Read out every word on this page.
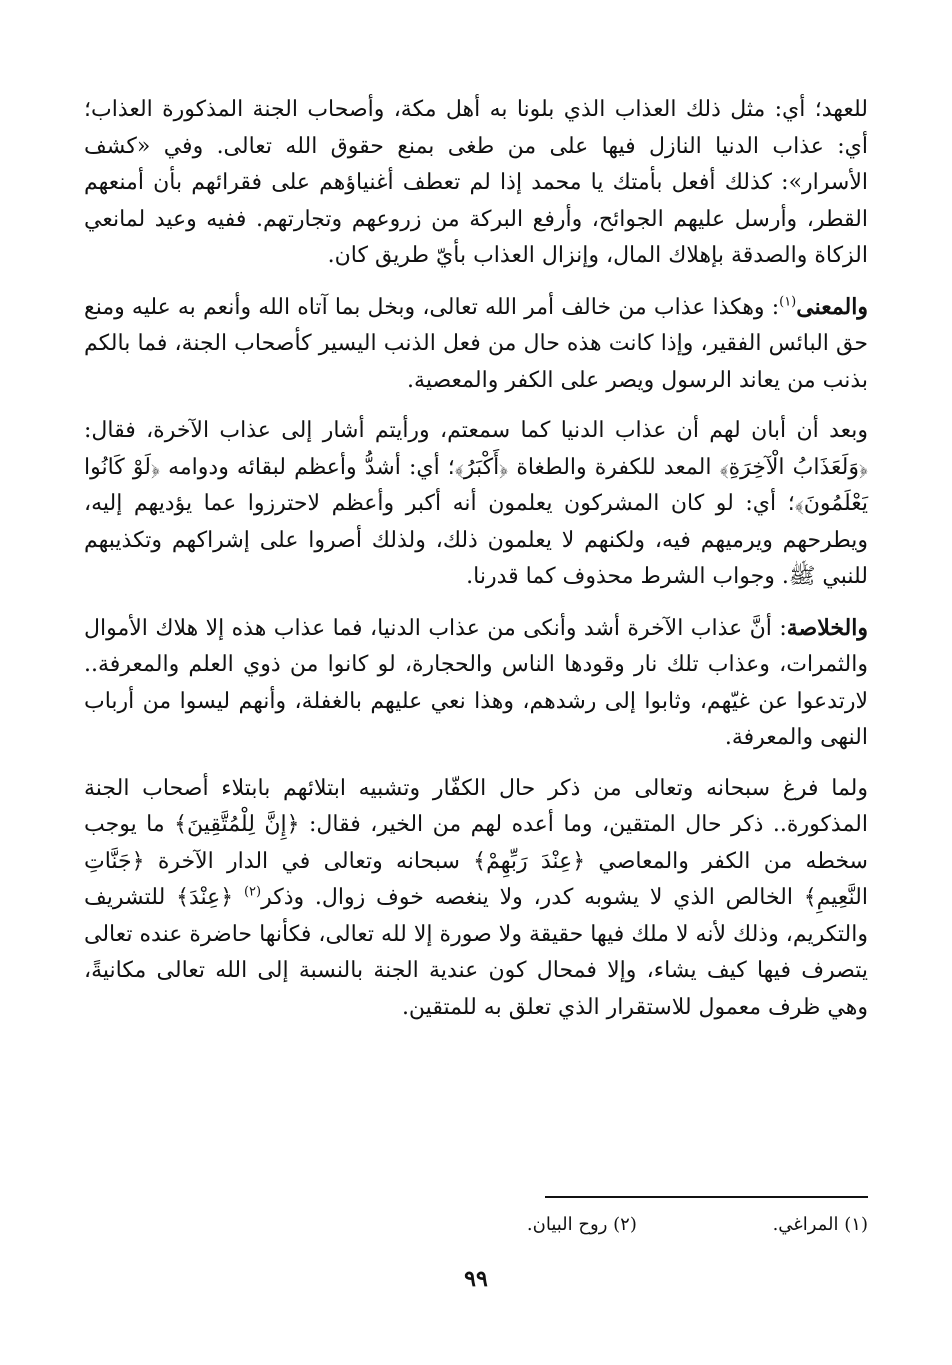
للعهد؛ أي: مثل ذلك العذاب الذي بلونا به أهل مكة، وأصحاب الجنة المذكورة العذاب؛ أي: عذاب الدنيا النازل فيها على من طغى بمنع حقوق الله تعالى. وفي «كشف الأسرار»: كذلك أفعل بأمتك يا محمد إذا لم تعطف أغنياؤهم على فقرائهم بأن أمنعهم القطر، وأرسل عليهم الجوائح، وأرفع البركة من زروعهم وتجارتهم. ففيه وعيد لمانعي الزكاة والصدقة بإهلاك المال، وإنزال العذاب بأيّ طريق كان.

والمعنى$^{(١)}$: وهكذا عذاب من خالف أمر الله تعالى، وبخل بما آتاه الله وأنعم به عليه ومنع حق البائس الفقير، وإذا كانت هذه حال من فعل الذنب اليسير كأصحاب الجنة، فما بالكم بذنب من يعاند الرسول ويصر على الكفر والمعصية.

وبعد أن أبان لهم أن عذاب الدنيا كما سمعتم، ورأيتم أشار إلى عذاب الآخرة، فقال: ﴿وَلَعَذَابُ الْآخِرَةِ﴾ المعد للكفرة والطغاة ﴿أَكْبَرُ﴾؛ أي: أشدُّ وأعظم لبقائه ودوامه ﴿لَوْ كَانُوا يَعْلَمُونَ﴾؛ أي: لو كان المشركون يعلمون أنه أكبر وأعظم لاحترزوا عما يؤديهم إليه، ويطرحهم ويرميهم فيه، ولكنهم لا يعلمون ذلك، ولذلك أصروا على إشراكهم وتكذيبهم للنبي ﷺ. وجواب الشرط محذوف كما قدرنا.

والخلاصة: أنَّ عذاب الآخرة أشد وأنكى من عذاب الدنيا، فما عذاب هذه إلا هلاك الأموال والثمرات، وعذاب تلك نار وقودها الناس والحجارة، لو كانوا من ذوي العلم والمعرفة.. لارتدعوا عن غيّهم، وثابوا إلى رشدهم، وهذا نعي عليهم بالغفلة، وأنهم ليسوا من أرباب النهى والمعرفة.

ولما فرغ سبحانه وتعالى من ذكر حال الكفّار وتشبيه ابتلائهم بابتلاء أصحاب الجنة المذكورة.. ذكر حال المتقين، وما أعده لهم من الخير، فقال: ﴿إِنَّ لِلْمُتَّقِينَ﴾ ما يوجب سخطه من الكفر والمعاصي ﴿عِنْدَ رَبِّهِمْ﴾ سبحانه وتعالى في الدار الآخرة ﴿جَنَّاتِ النَّعِيمِ﴾ الخالص الذي لا يشوبه كدر، ولا ينغصه خوف زوال. وذكر$^{(٢)}$ ﴿عِنْدَ﴾ للتشريف والتكريم، وذلك لأنه لا ملك فيها حقيقة ولا صورة إلا لله تعالى، فكأنها حاضرة عنده تعالى يتصرف فيها كيف يشاء، وإلا فمحال كون عندية الجنة بالنسبة إلى الله تعالى مكانيةً، وهي ظرف معمول للاستقرار الذي تعلق به للمتقين.

(١) المراغي. (٢) روح البيان.
٩٩
